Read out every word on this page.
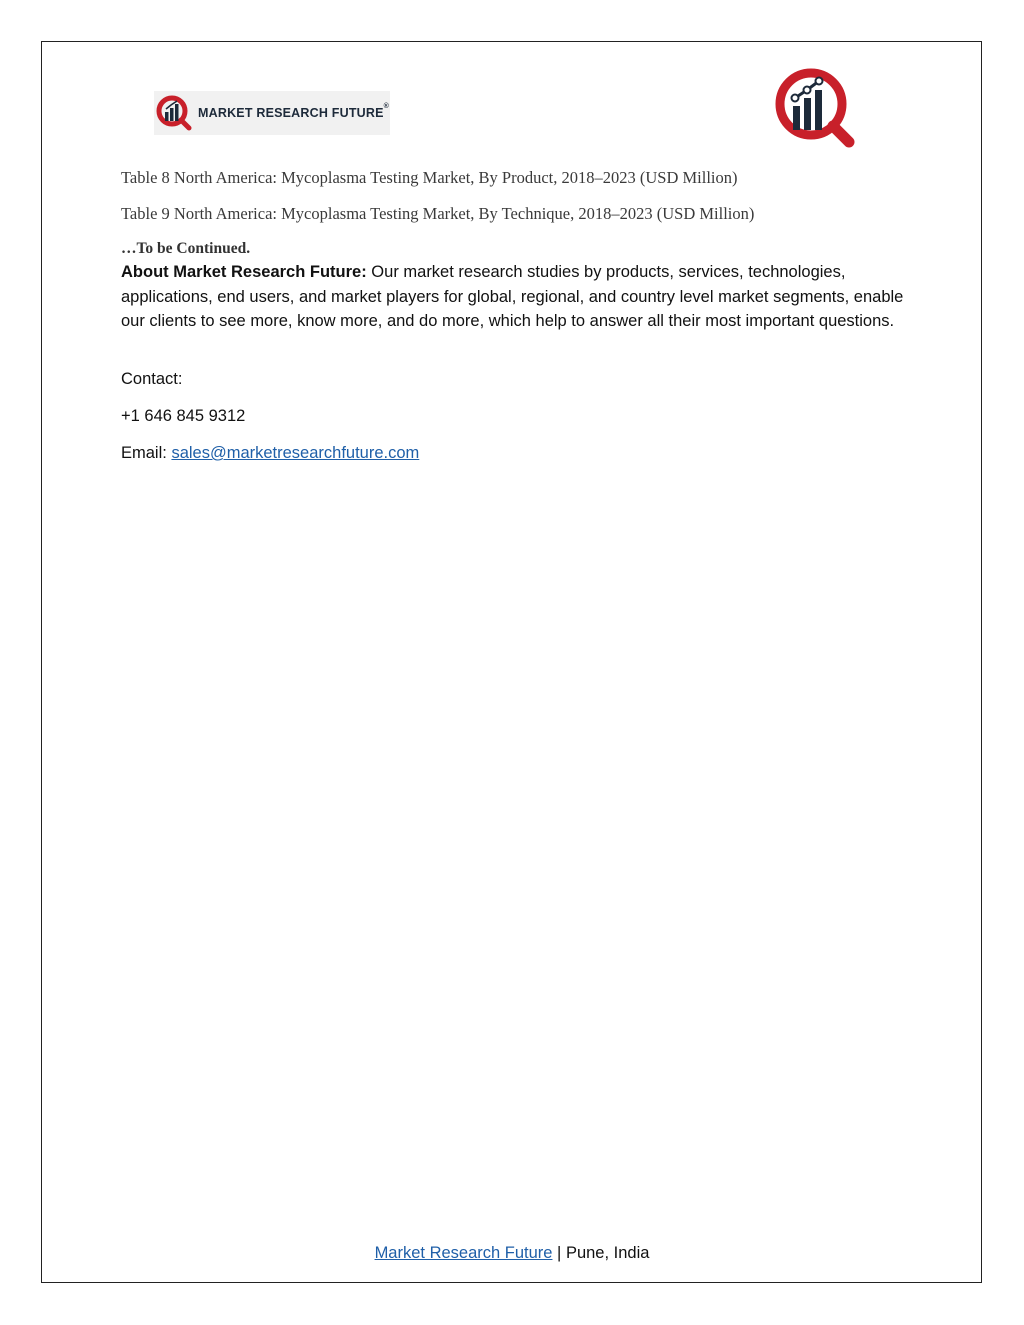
MARKET RESEARCH FUTURE®
Table 8 North America: Mycoplasma Testing Market, By Product, 2018–2023 (USD Million)
Table 9 North America: Mycoplasma Testing Market, By Technique, 2018–2023 (USD Million)
…To be Continued.
About Market Research Future: Our market research studies by products, services, technologies, applications, end users, and market players for global, regional, and country level market segments, enable our clients to see more, know more, and do more, which help to answer all their most important questions.
Contact:
+1 646 845 9312
Email: sales@marketresearchfuture.com
Market Research Future | Pune, India
